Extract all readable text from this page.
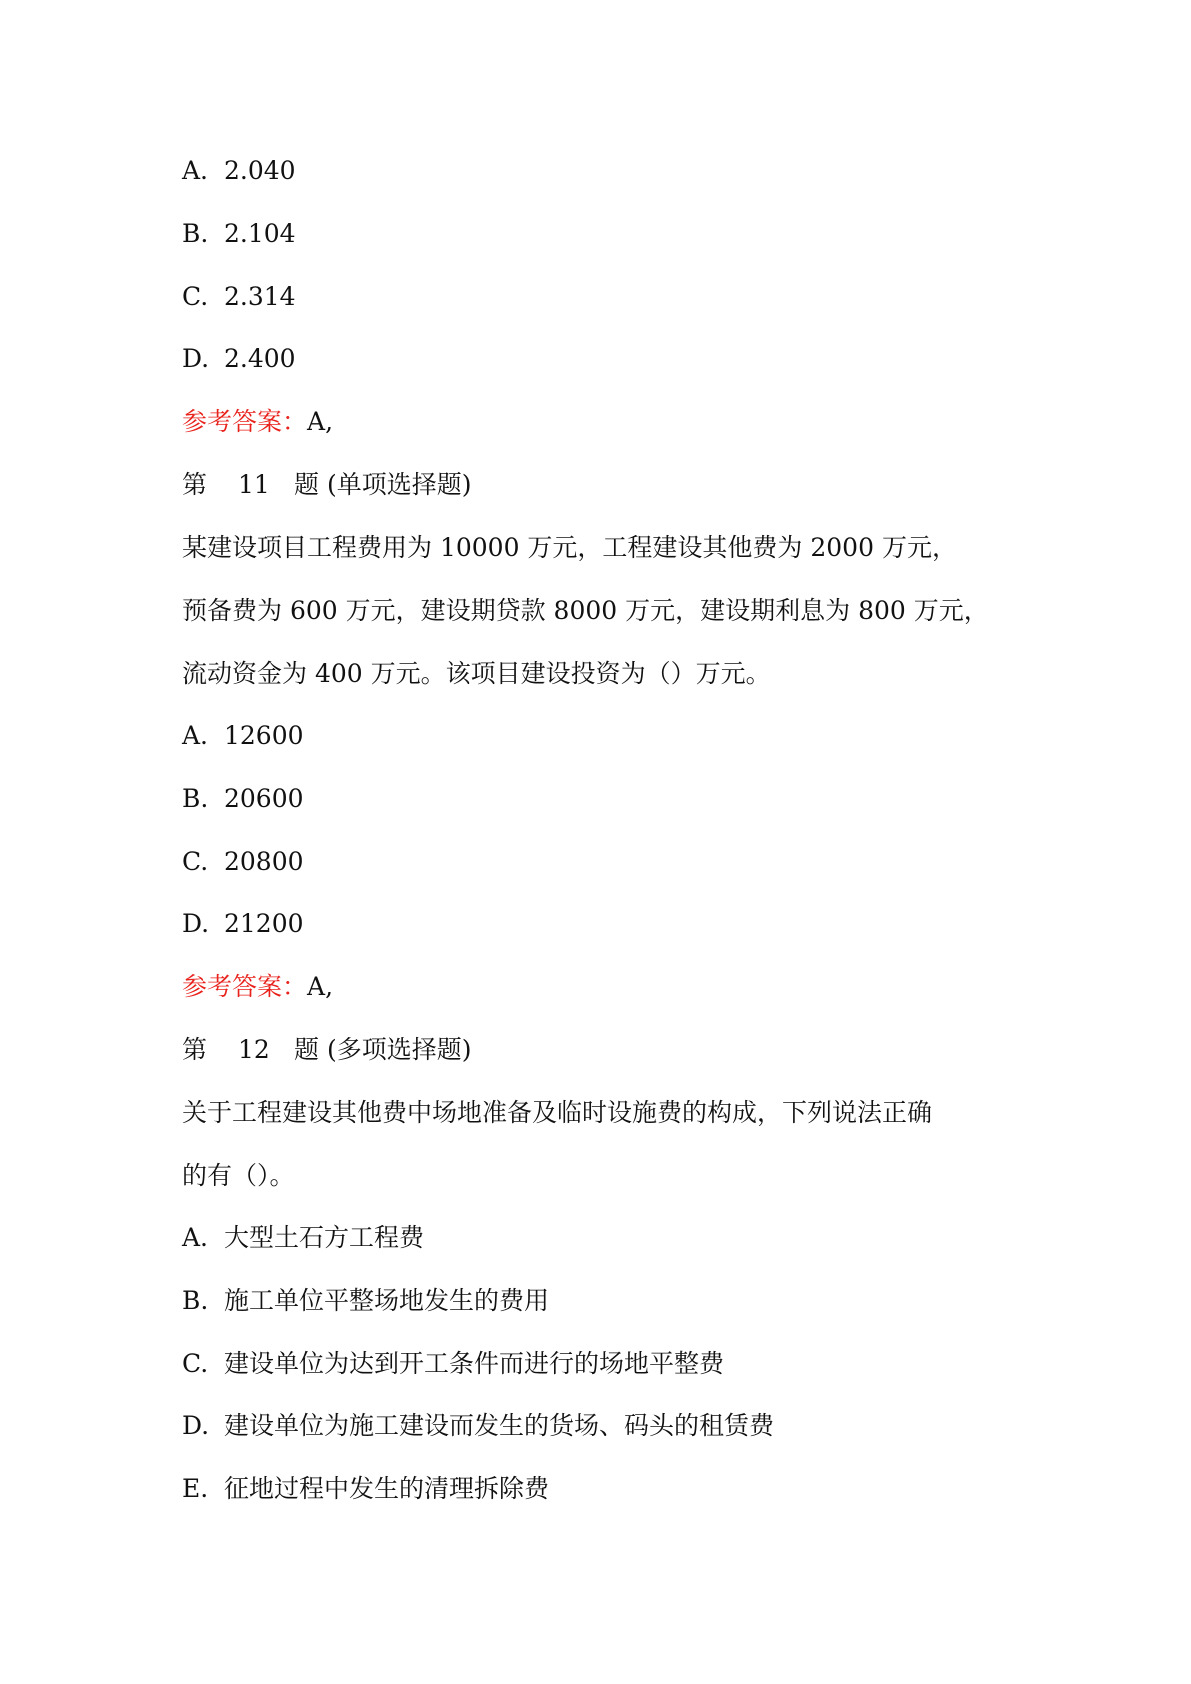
A. 2.040
B. 2.104
C. 2.314
D. 2.400
参考答案：A,
第 11 题 (单项选择题)
某建设项目工程费用为 10000 万元，工程建设其他费为 2000 万元，
预备费为 600 万元，建设期贷款 8000 万元，建设期利息为 800 万元，
流动资金为 400 万元。该项目建设投资为（）万元。
A. 12600
B. 20600
C. 20800
D. 21200
参考答案：A,
第 12 题 (多项选择题)
关于工程建设其他费中场地准备及临时设施费的构成，下列说法正确
的有（）。
A. 大型土石方工程费
B. 施工单位平整场地发生的费用
C. 建设单位为达到开工条件而进行的场地平整费
D. 建设单位为施工建设而发生的货场、码头的租赁费
E. 征地过程中发生的清理拆除费
